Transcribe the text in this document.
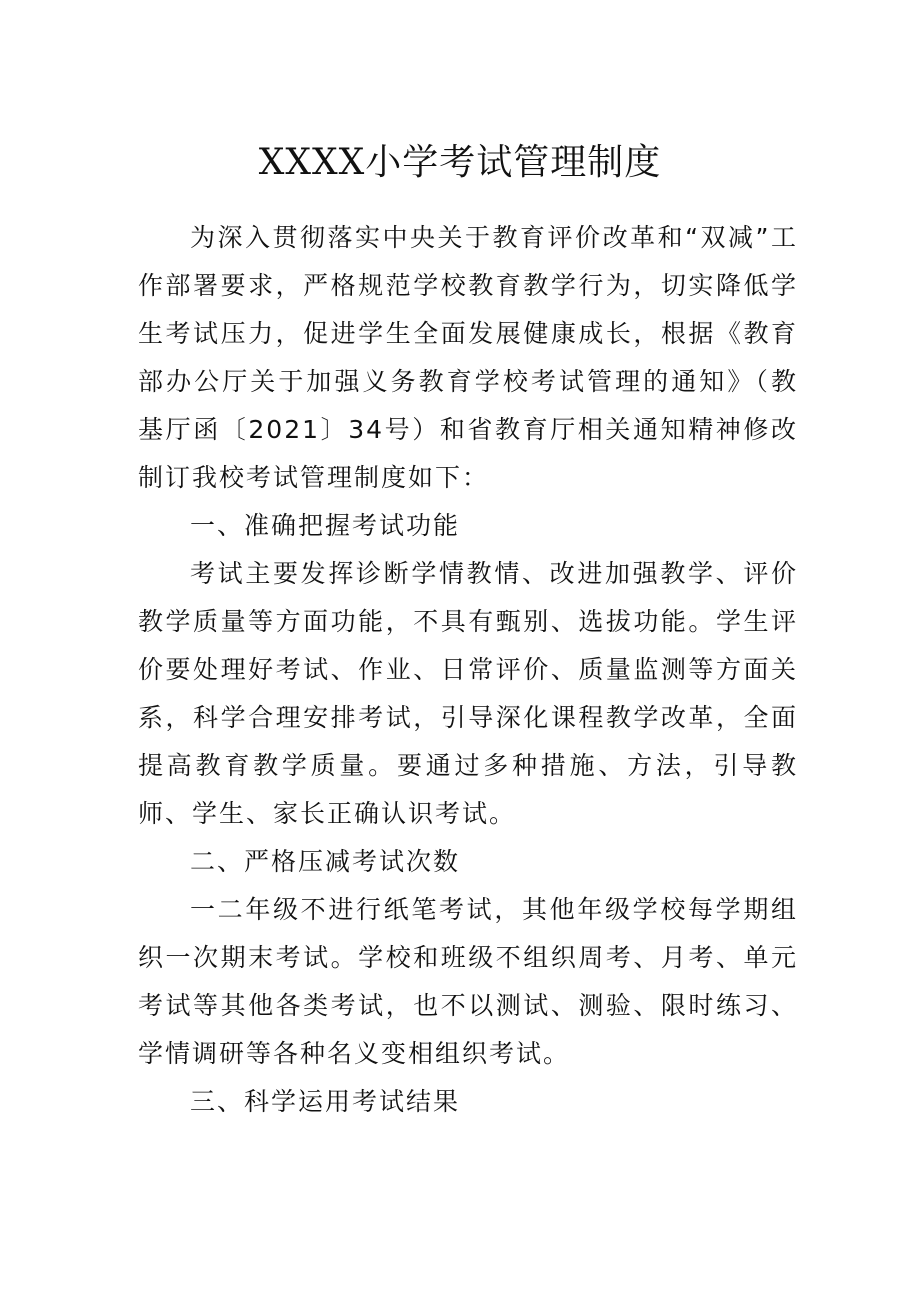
XXXX小学考试管理制度

为深入贯彻落实中央关于教育评价改革和“双减”工作部署要求，严格规范学校教育教学行为，切实降低学生考试压力，促进学生全面发展健康成长，根据《教育部办公厅关于加强义务教育学校考试管理的通知》（教基厅函〔2021〕34号）和省教育厅相关通知精神修改制订我校考试管理制度如下：

一、准确把握考试功能

考试主要发挥诊断学情教情、改进加强教学、评价教学质量等方面功能，不具有甄别、选拔功能。学生评价要处理好考试、作业、日常评价、质量监测等方面关系，科学合理安排考试，引导深化课程教学改革，全面提高教育教学质量。要通过多种措施、方法，引导教师、学生、家长正确认识考试。

二、严格压减考试次数

一二年级不进行纸笔考试，其他年级学校每学期组织一次期末考试。学校和班级不组织周考、月考、单元考试等其他各类考试，也不以测试、测验、限时练习、学情调研等各种名义变相组织考试。

三、科学运用考试结果
